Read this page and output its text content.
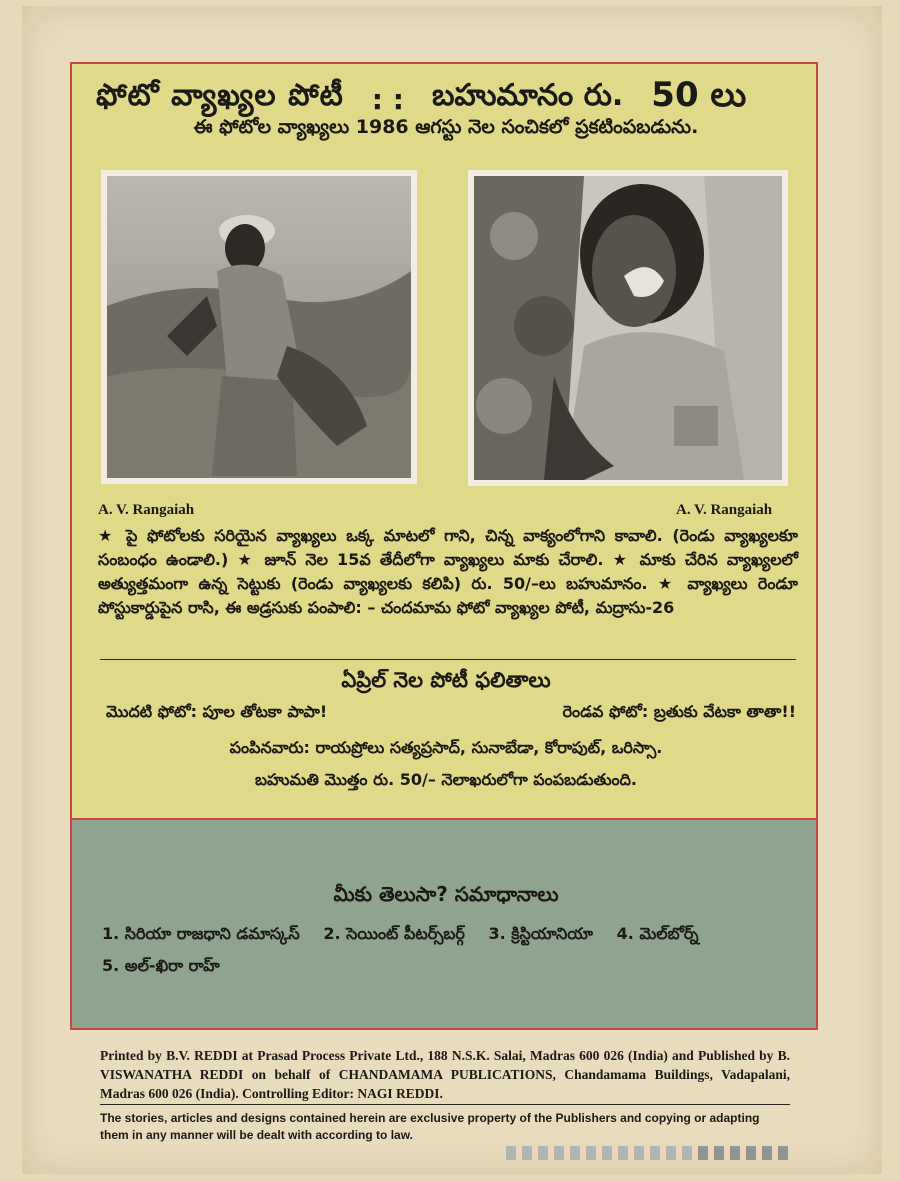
ఫోటో వ్యాఖ్యల పోటీ : : బహుమానం రు. 50 లు
ఈ ఫోటోల వ్యాఖ్యలు 1986 ఆగస్టు నెల సంచికలో ప్రకటింపబడును.
A. V. Rangaiah	A. V. Rangaiah
★ పై ఫోటోలకు సరియైన వ్యాఖ్యలు ఒక్క మాటలో గాని, చిన్న వాక్యంలోగాని కావాలి. (రెండు వ్యాఖ్యలకూ సంబంధం ఉండాలి.) ★ జూన్ నెల 15వ తేదీలోగా వ్యాఖ్యలు మాకు చేరాలి. ★ మాకు చేరిన వ్యాఖ్యలలో అత్యుత్తమంగా ఉన్న సెట్టుకు (రెండు వ్యాఖ్యలకు కలిపి) రు. 50/–లు బహుమానం. ★ వ్యాఖ్యలు రెండూ పోస్టుకార్డుపైన రాసి, ఈ అడ్రసుకు పంపాలి: – చందమామ ఫోటో వ్యాఖ్యల పోటీ, మద్రాసు-26
ఏప్రిల్ నెల పోటీ ఫలితాలు
మొదటి ఫోటో: పూల తోటకా పాపా!	రెండవ ఫోటో: బ్రతుకు వేటకా తాతా!!
పంపినవారు: రాయప్రోలు సత్యప్రసాద్, సునాబేడా, కోరాపుట్, ఒరిస్సా.
బహుమతి మొత్తం రు. 50/– నెలాఖరులోగా పంపబడుతుంది.
మీకు తెలుసా? సమాధానాలు
1. సిరియా రాజధాని డమాస్కస్ 2. సెయింట్ పీటర్స్‌బర్గ్ 3. క్రిస్టియానియా 4. మెల్‌బోర్న్
5. అల్-ఖిరా రాహ్
Printed by B.V. REDDI at Prasad Process Private Ltd., 188 N.S.K. Salai, Madras 600 026 (India) and Published by B. VISWANATHA REDDI on behalf of CHANDAMAMA PUBLICATIONS, Chandamama Buildings, Vadapalani, Madras 600 026 (India). Controlling Editor: NAGI REDDI.
The stories, articles and designs contained herein are exclusive property of the Publishers and copying or adapting them in any manner will be dealt with according to law.
